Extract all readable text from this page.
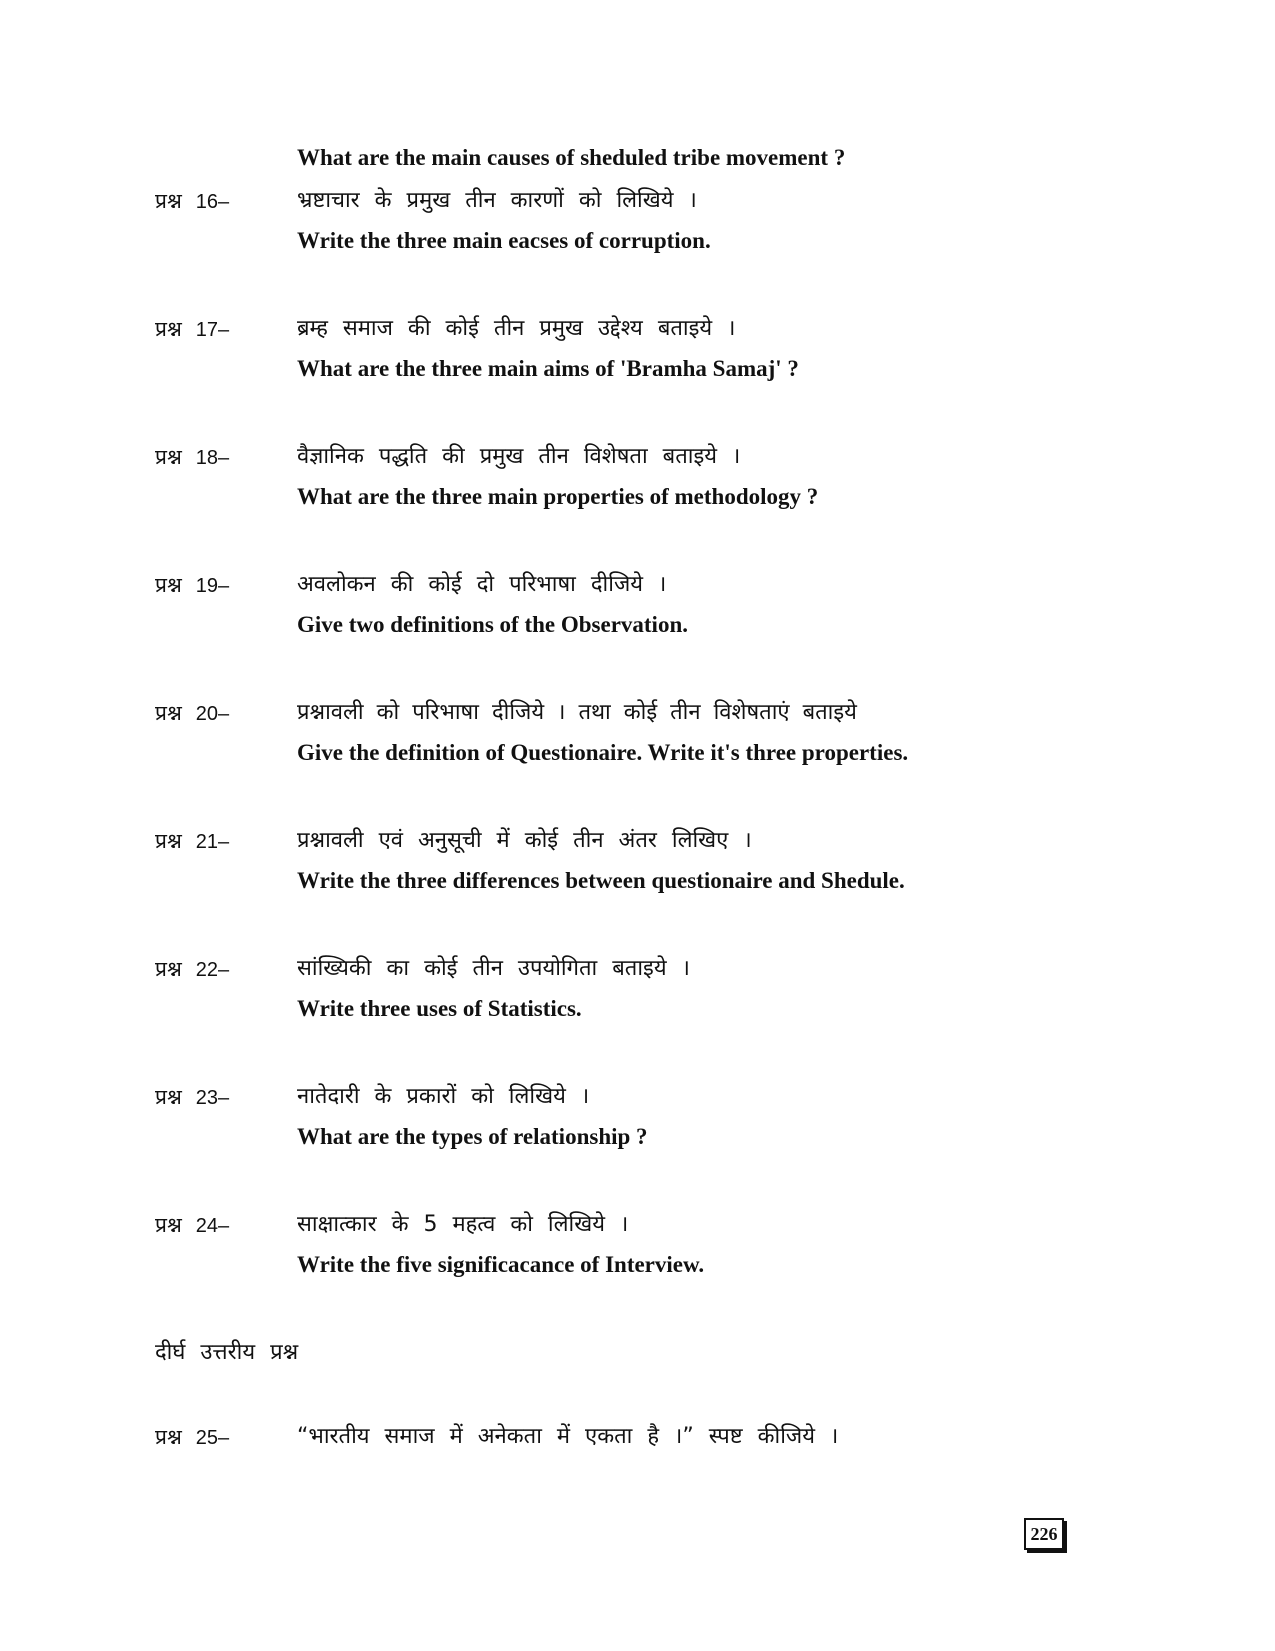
What are the main causes of sheduled tribe movement ?
प्रश्न 16–	भ्रष्टाचार के प्रमुख तीन कारणों को लिखिये ।
Write the three main eacses of corruption.
प्रश्न 17–	ब्रम्ह समाज की कोई तीन प्रमुख उद्देश्य बताइये ।
What are the three main aims of 'Bramha Samaj' ?
प्रश्न 18–	वैज्ञानिक पद्धति की प्रमुख तीन विशेषता बताइये ।
What are the three main properties of methodology ?
प्रश्न 19–	अवलोकन की कोई दो परिभाषा दीजिये ।
Give two definitions of the Observation.
प्रश्न 20–	प्रश्नावली को परिभाषा दीजिये । तथा कोई तीन विशेषताएं बताइये
Give the definition of Questionaire. Write it's three properties.
प्रश्न 21–	प्रश्नावली एवं अनुसूची में कोई तीन अंतर लिखिए ।
Write the three differences between questionaire and Shedule.
प्रश्न 22–	सांख्यिकी का कोई तीन उपयोगिता बताइये ।
Write three uses of Statistics.
प्रश्न 23–	नातेदारी के प्रकारों को लिखिये ।
What are the types of relationship ?
प्रश्न 24–	साक्षात्कार के 5 महत्व को लिखिये ।
Write the five significacance of Interview.
दीर्घ उत्तरीय प्रश्न
प्रश्न 25–	“भारतीय समाज में अनेकता में एकता है ।” स्पष्ट कीजिये ।
226
